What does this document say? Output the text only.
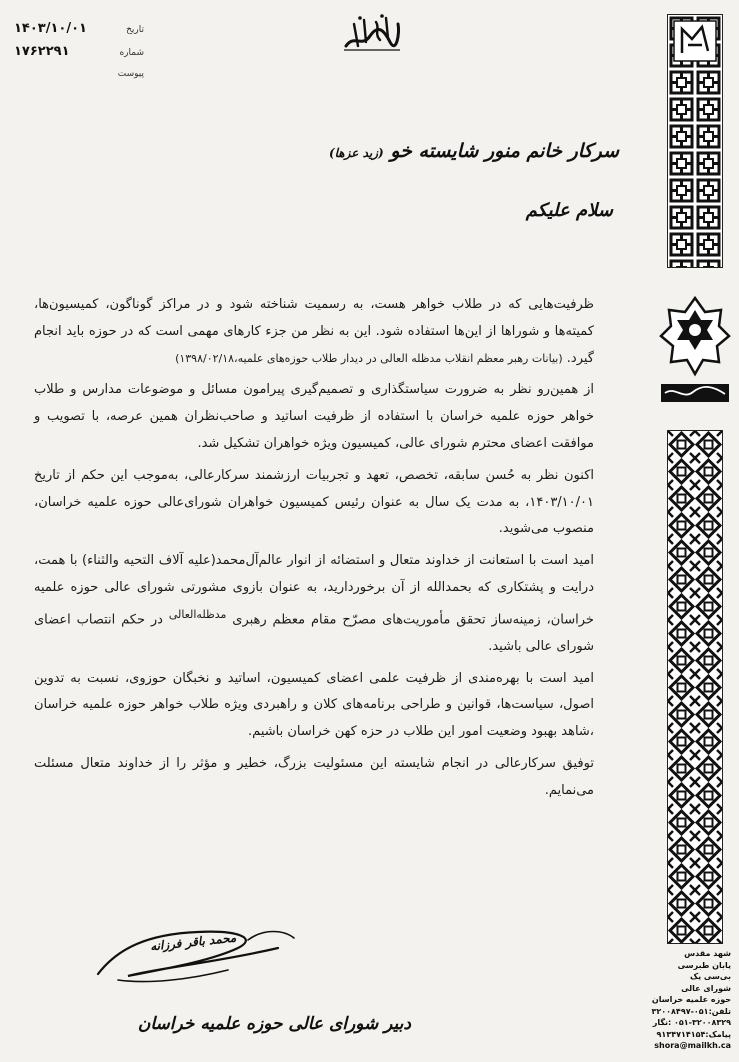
تاریخ
۱۴۰۳/۱۰/۰۱
شماره
۱۷۶۲۲۹۱
پیوست
سرکار خانم منور شایسته خو (زید عزها)
سلام علیکم

ظرفیت‌هایی که در طلاب خواهر هست، به رسمیت شناخته شود و در مراکز گوناگون، کمیسیون‌ها، کمیته‌ها و شوراها از این‌ها استفاده شود. این به نظر من جزء کارهای مهمی است که در حوزه باید انجام گیرد. (بیانات رهبر معظم انقلاب مدظله العالی در دیدار طلاب حوزه‌های علمیه،۱۳۹۸/۰۲/۱۸)

از همین‌رو نظر به ضرورت سیاستگذاری و تصمیم‌گیری پیرامون مسائل و موضوعات مدارس و طلاب خواهر حوزه علمیه خراسان با استفاده از ظرفیت اساتید و صاحب‌نظران همین عرصه، با تصویب و موافقت اعضای محترم شورای عالی، کمیسیون ویژه خواهران تشکیل شد.

اکنون نظر به حُسن سابقه، تخصص، تعهد و تجربیات ارزشمند سرکارعالی، به‌موجب این حکم از تاریخ ۱۴۰۳/۱۰/۰۱، به مدت یک سال به عنوان رئیس کمیسیون خواهران شورای‌عالی حوزه علمیه خراسان، منصوب می‌شوید.

امید است با استعانت از خداوند متعال و استضائه از انوار عالم‌آل‌محمد(علیه آلاف التحیه والثناء) با همت، درایت و پشتکاری که بحمدالله از آن برخوردارید، به عنوان بازوی مشورتی شورای عالی حوزه علمیه خراسان، زمینه‌ساز تحقق مأموریت‌های مصرّح مقام معظم رهبری $^{مدظله‌العالی}$ در حکم انتصاب اعضای شورای عالی باشید.

امید است با بهره‌مندی از ظرفیت علمی اعضای کمیسیون، اساتید و نخبگان حوزوی، نسبت به تدوین اصول، سیاست‌ها، قوانین و طراحی برنامه‌های کلان و راهبردی ویژه طلاب خواهر حوزه علمیه خراسان ،شاهد بهبود وضعیت امور این طلاب در حزه کهن خراسان باشیم.

توفیق سرکارعالی در انجام شایسته این مسئولیت بزرگ، خطیر و مؤثر را از خداوند متعال مسئلت می‌نمایم.

محمد باقر فرزانه
دبیر شورای عالی حوزه علمیه خراسان
شهد مقدس
یابان طبرسی
بی‌سی یک
شورای عالی
حوزه علمیه خراسان
تلفن:۰۵۱-۳۲۰۰۸۴۹۷
۰۵۱-۳۲۰۰۸۳۲۹ :نگار
پیامک:۹۱۳۴۷۱۴۱۵۴
shora@mailkh.ca
